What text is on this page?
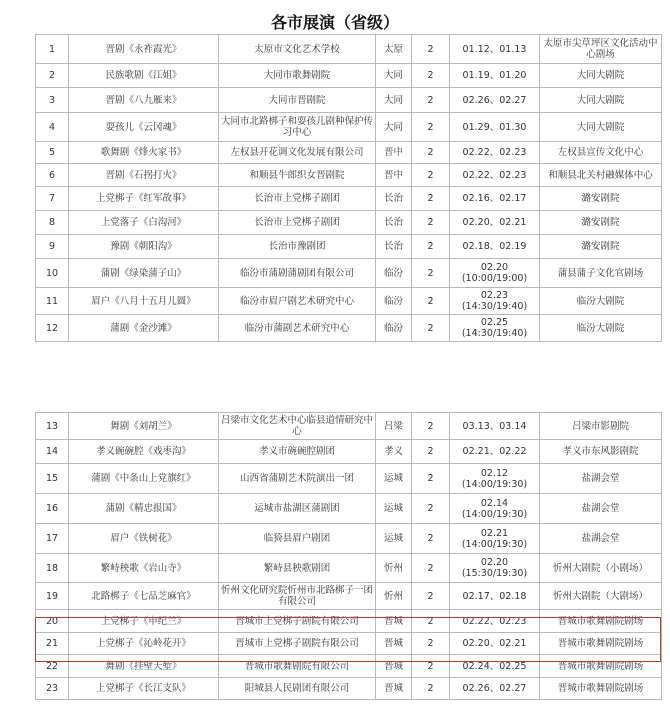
各市展演（省级）
1	晋剧《永祚霞光》	太原市文化艺术学校	太原	2	01.12、01.13	太原市尖草坪区文化活动中心剧场
2	民族歌剧《江姐》	大同市歌舞剧院	大同	2	01.19、01.20	大同大剧院
3	晋剧《八九雁来》	大同市晋剧院	大同	2	02.26、02.27	大同大剧院
4	耍孩儿《云冈魂》	大同市北路梆子和耍孩儿剧种保护传习中心	大同	2	01.29、01.30	大同大剧院
5	歌舞剧《烽火家书》	左权县开花调文化发展有限公司	晋中	2	02.22、02.23	左权县宣传文化中心
6	晋剧《石拐打火》	和顺县牛郎织女晋剧院	晋中	2	02.22、02.23	和顺县北关村融媒体中心
7	上党梆子《红军故事》	长治市上党梆子剧团	长治	2	02.16、02.17	潞安剧院
8	上党落子《白沟河》	长治市上党梆子剧团	长治	2	02.20、02.21	潞安剧院
9	豫剧《朝阳沟》	长治市豫剧团	长治	2	02.18、02.19	潞安剧院
10	蒲剧《绿染蒲子山》	临汾市蒲剧蒲剧团有限公司	临汾	2	02.20 (10:00/19:00)	蒲县蒲子文化官剧场
11	眉户《八月十五月儿圆》	临汾市眉户剧艺术研究中心	临汾	2	02.23 (14:30/19:40)	临汾大剧院
12	蒲剧《金沙滩》	临汾市蒲剧艺术研究中心	临汾	2	02.25 (14:30/19:40)	临汾大剧院
13	舞剧《刘胡兰》	吕梁市文化艺术中心临县道情研究中心	吕梁	2	03.13、03.14	吕梁市影剧院
14	孝义碗碗腔《戏枣沟》	孝义市碗碗腔剧团	孝义	2	02.21、02.22	孝义市东风影剧院
15	蒲剧《中条山上党旗红》	山西省蒲剧艺术院演出一团	运城	2	02.12 (14:00/19:30)	盐湖会堂
16	蒲剧《精忠报国》	运城市盐湖区蒲剧团	运城	2	02.14 (14:00/19:30)	盐湖会堂
17	眉户《铁树花》	临猗县眉户剧团	运城	2	02.21 (14:00/19:30)	盐湖会堂
18	繁峙秧歌《岩山寺》	繁峙县秧歌剧团	忻州	2	02.20 (15:30/19:30)	忻州大剧院（小剧场）
19	北路梆子《七品芝麻官》	忻州文化研究院忻州市北路梆子一团有限公司	忻州	2	02.17、02.18	忻州大剧院（大剧场）
20	上党梆子《申纪兰》	晋城市上党梆子剧院有限公司	晋城	2	02.22、02.23	晋城市歌舞剧院剧场
21	上党梆子《沁岭花开》	晋城市上党梆子剧院有限公司	晋城	2	02.20、02.21	晋城市歌舞剧院剧场
22	舞剧《挂壁天堑》	晋城市歌舞剧院有限公司	晋城	2	02.24、02.25	晋城市歌舞剧院剧场
23	上党梆子《长江支队》	阳城县人民剧团有限公司	晋城	2	02.26、02.27	晋城市歌舞剧院剧场
